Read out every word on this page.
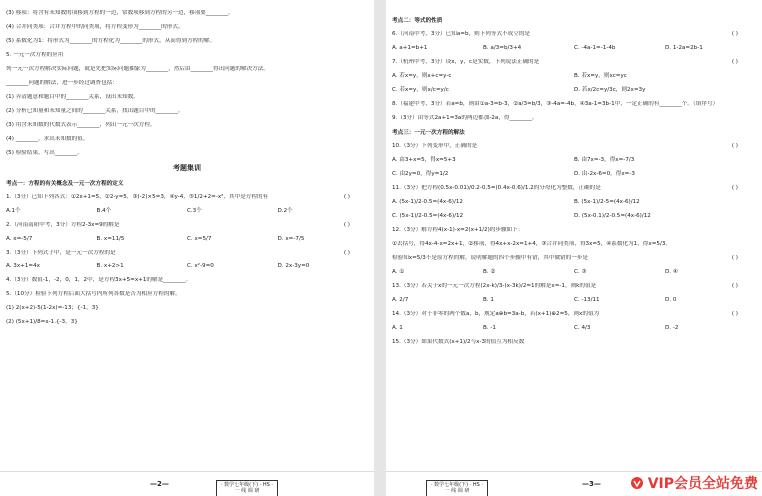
(3) 移项：将含有未知数的项移到方程的一边，常数项移到方程的另一边，移项要________。
(4) 合并同类项：合并方程中的同类项，将方程变形为________的形式。
(5) 系数化为1：将形式为________的方程化为________的形式，从而得到方程的解。
5. 一元一次方程的应用
列一元一次方程解决实际问题，就是先把实际问题抽象为________，然后由________得出问题的解决方法。
________问题的解法，进一步经过调查包括：
(1) 弄清题意和题目中的________关系，设出未知数。
(2) 分析已知量和未知量之间的________关系，找出题目中的________。
(3) 用含未知数的代数式表示________，列出一元一次方程。
(4) ________，求出未知数的值。
(5) 检验结果，写出________。
考题集训
考点一：方程的有关概念及一元一次方程的定义
1.（3分）已知下列各式：①2x+1=5，②2-y=5，③(-2)×5=3，④y-4，⑤1/2+2=-x²，其中是方程的有	( )
A.1个	B.4个	C.3个	D.2个
2.（河南南阳中考，3分）方程2-3x=9的解是	( )
A. x=-5/7	B. x=11/5	C. x=5/7	D. x=-7/5
3.（3分）下列式子中，是一元一次方程的是	( )
A. 3x+1=4x	B. x+2>1	C. x²-9=0	D. 2x-3y=0
4.（3分）数值-1，-2，0，1，2中，是方程3x+5=x+1的解是________。
5.（10分）检验下列方程后面大括号内所列各数是否为相应方程的解。
(1) 2(x+2)-5(1-2x)=-13；{-1，3}
(2) (5x+1)/8=x-1.{-3，3}
—2—	· 数学七年级(下) · HS ·
一 线 调 研
考点二：等式的性质
6.（河南中考，3分）已知a=b，则下列等式不成立的是	( )
A. a+1=b+1	B. a/3=b/3+4	C. -4a-1=-1-4b	D. 1-2a=2b-1
7.（杭州中考，3分）设x，y，c是实数，下列说法正确的是	( )
A. 若x=y，则x+c=y-c	B. 若x=y，则xc=yc
C. 若x=y，则x/c=y/c	D. 若x/2c=y/3c，则2x=3y
8.（福建中考，3分）若a=b，则由①a-3=b-3，②a/3=b/3，③-4a=-4b，④3a-1=3b-1中，一定正确的有________个。（填序号）
9.（3分）由等式2a+1=3a的两边都加-2a，得________。
考点三：一元一次方程的解法
10.（3分）下列变形中，正确的是	( )
A. 由3+x=5，得x=5+3	B. 由7x=-3，得x=-7/3
C. 由2y=0，得y=1/2	D. 由-2x-6=0，得x=-3
11.（3分）把方程(0.5x-0.01)/0.2-0.5=(0.4x-0.6)/1.2的分母化为整数，正确的是	( )
A. (5x-1)/2-0.5=(4x-6)/12	B. (5x-1)/2-5=(4x-6)/12
C. (5x-1)/2-0.5=(4x-6)/12	D. (5x-0.1)/2-0.5=(4x-6)/12
12.（3分）解方程4(x-1)-x=2(x+1/2)的步骤如下：
①去括号，得4x-4-x=2x+1，②移项，得4x+x-2x=1+4，③合并同类项，得3x=5，④系数化为1，得x=5/3。
检验知x=5/3不是原方程的解，说明解题的四个步骤中有错，其中做错的一步是	( )
A. ①	B. ②	C. ③	D. ④
13.（3分）若关于x的一元一次方程(2x-k)/3-(x-3k)/2=1的解是x=-1，则k的值是	( )
A. 2/7	B. 1	C. -13/11	D. 0
14.（3分）对于非零的两个数a，b，规定a⊕b=3a-b，若(x+1)⊕2=5，则x的值为	( )
A. 1	B. -1	C. 4/3	D. -2
15.（3分）如果代数式(x+1)/2与x-3的值互为相反数
· 数学七年级(下) · HS ·
一 线 调 研
—3—	VIP会员全站免费
